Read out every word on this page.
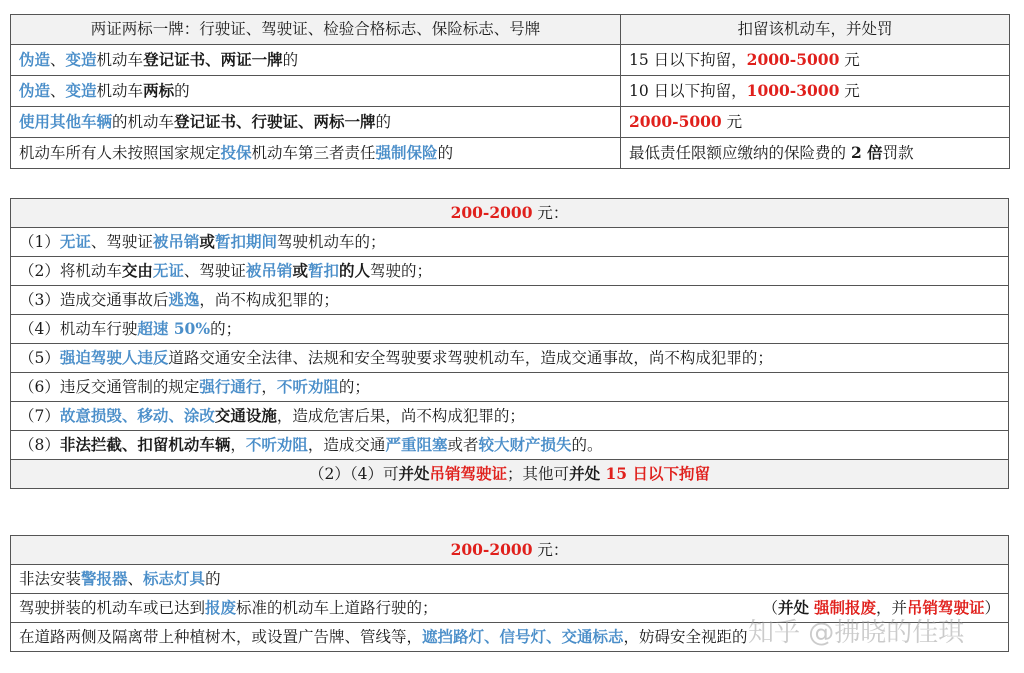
两证两标一牌：行驶证、驾驶证、检验合格标志、保险标志、号牌	扣留该机动车，并处罚
伪造、变造机动车登记证书、两证一牌的	15 日以下拘留，2000-5000 元
伪造、变造机动车两标的	10 日以下拘留，1000-3000 元
使用其他车辆的机动车登记证书、行驶证、两标一牌的	2000-5000 元
机动车所有人未按照国家规定投保机动车第三者责任强制保险的	最低责任限额应缴纳的保险费的 2 倍罚款
200-2000 元：
（1）无证、驾驶证被吊销或暂扣期间驾驶机动车的；
（2）将机动车交由无证、驾驶证被吊销或暂扣的人驾驶的；
（3）造成交通事故后逃逸，尚不构成犯罪的；
（4）机动车行驶超速 50%的；
（5）强迫驾驶人违反道路交通安全法律、法规和安全驾驶要求驾驶机动车，造成交通事故，尚不构成犯罪的；
（6）违反交通管制的规定强行通行，不听劝阻的；
（7）故意损毁、移动、涂改交通设施，造成危害后果，尚不构成犯罪的；
（8）非法拦截、扣留机动车辆，不听劝阻，造成交通严重阻塞或者较大财产损失的。
（2）（4）可并处吊销驾驶证；其他可并处 15 日以下拘留
200-2000 元：
非法安装警报器、标志灯具的
驾驶拼装的机动车或已达到报废标准的机动车上道路行驶的；	（并处 强制报废，并吊销驾驶证）

在道路两侧及隔离带上种植树木，或设置广告牌、管线等，遮挡路灯、信号灯、交通标志，妨碍安全视距的 知乎 @拂晓的佳琪
